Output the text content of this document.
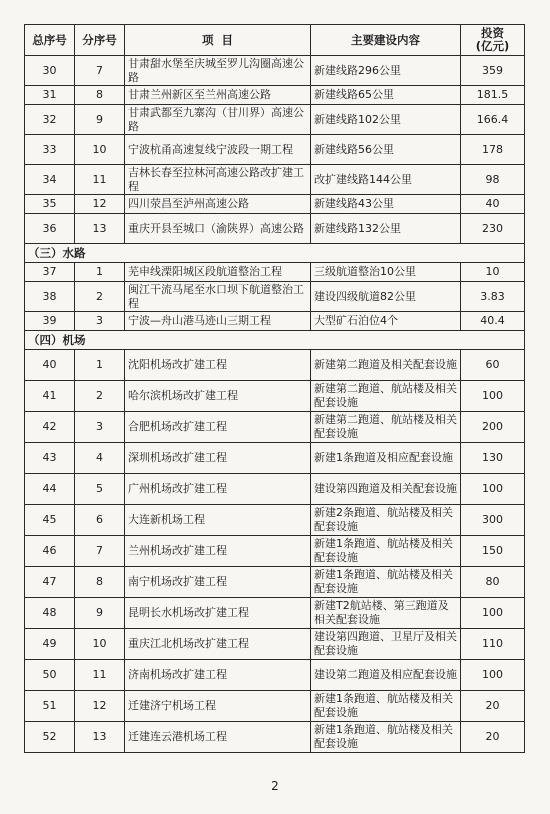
总序号	分序号	项  目	主要建设内容	投资
(亿元)
30	7	甘肃甜水堡至庆城至罗儿沟圈高速公路	新建线路296公里	359
31	8	甘肃兰州新区至兰州高速公路	新建线路65公里	181.5
32	9	甘肃武都至九寨沟（甘川界）高速公路	新建线路102公里	166.4
33	10	宁波杭甬高速复线宁波段一期工程	新建线路56公里	178
34	11	吉林长春至拉林河高速公路改扩建工程	改扩建线路144公里	98
35	12	四川荥昌至泸州高速公路	新建线路43公里	40
36	13	重庆开县至城口（渝陕界）高速公路	新建线路132公里	230
（三）水路				
37	1	芜申线溧阳城区段航道整治工程	三级航道整治10公里	10
38	2	闽江干流马尾至水口坝下航道整治工程	建设四级航道82公里	3.83
39	3	宁波—舟山港马迹山三期工程	大型矿石泊位4个	40.4
（四）机场				
40	1	沈阳机场改扩建工程	新建第二跑道及相关配套设施	60
41	2	哈尔滨机场改扩建工程	新建第二跑道、航站楼及相关配套设施	100
42	3	合肥机场改扩建工程	新建第二跑道、航站楼及相关配套设施	200
43	4	深圳机场改扩建工程	新建1条跑道及相应配套设施	130
44	5	广州机场改扩建工程	建设第四跑道及相关配套设施	100
45	6	大连新机场工程	新建2条跑道、航站楼及相关配套设施	300
46	7	兰州机场改扩建工程	新建1条跑道、航站楼及相关配套设施	150
47	8	南宁机场改扩建工程	新建1条跑道、航站楼及相关配套设施	80
48	9	昆明长水机场改扩建工程	新建T2航站楼、第三跑道及相关配套设施	100
49	10	重庆江北机场改扩建工程	建设第四跑道、卫星厅及相关配套设施	110
50	11	济南机场改扩建工程	建设第二跑道及相应配套设施	100
51	12	迁建济宁机场工程	新建1条跑道、航站楼及相关配套设施	20
52	13	迁建连云港机场工程	新建1条跑道、航站楼及相关配套设施	20
2
